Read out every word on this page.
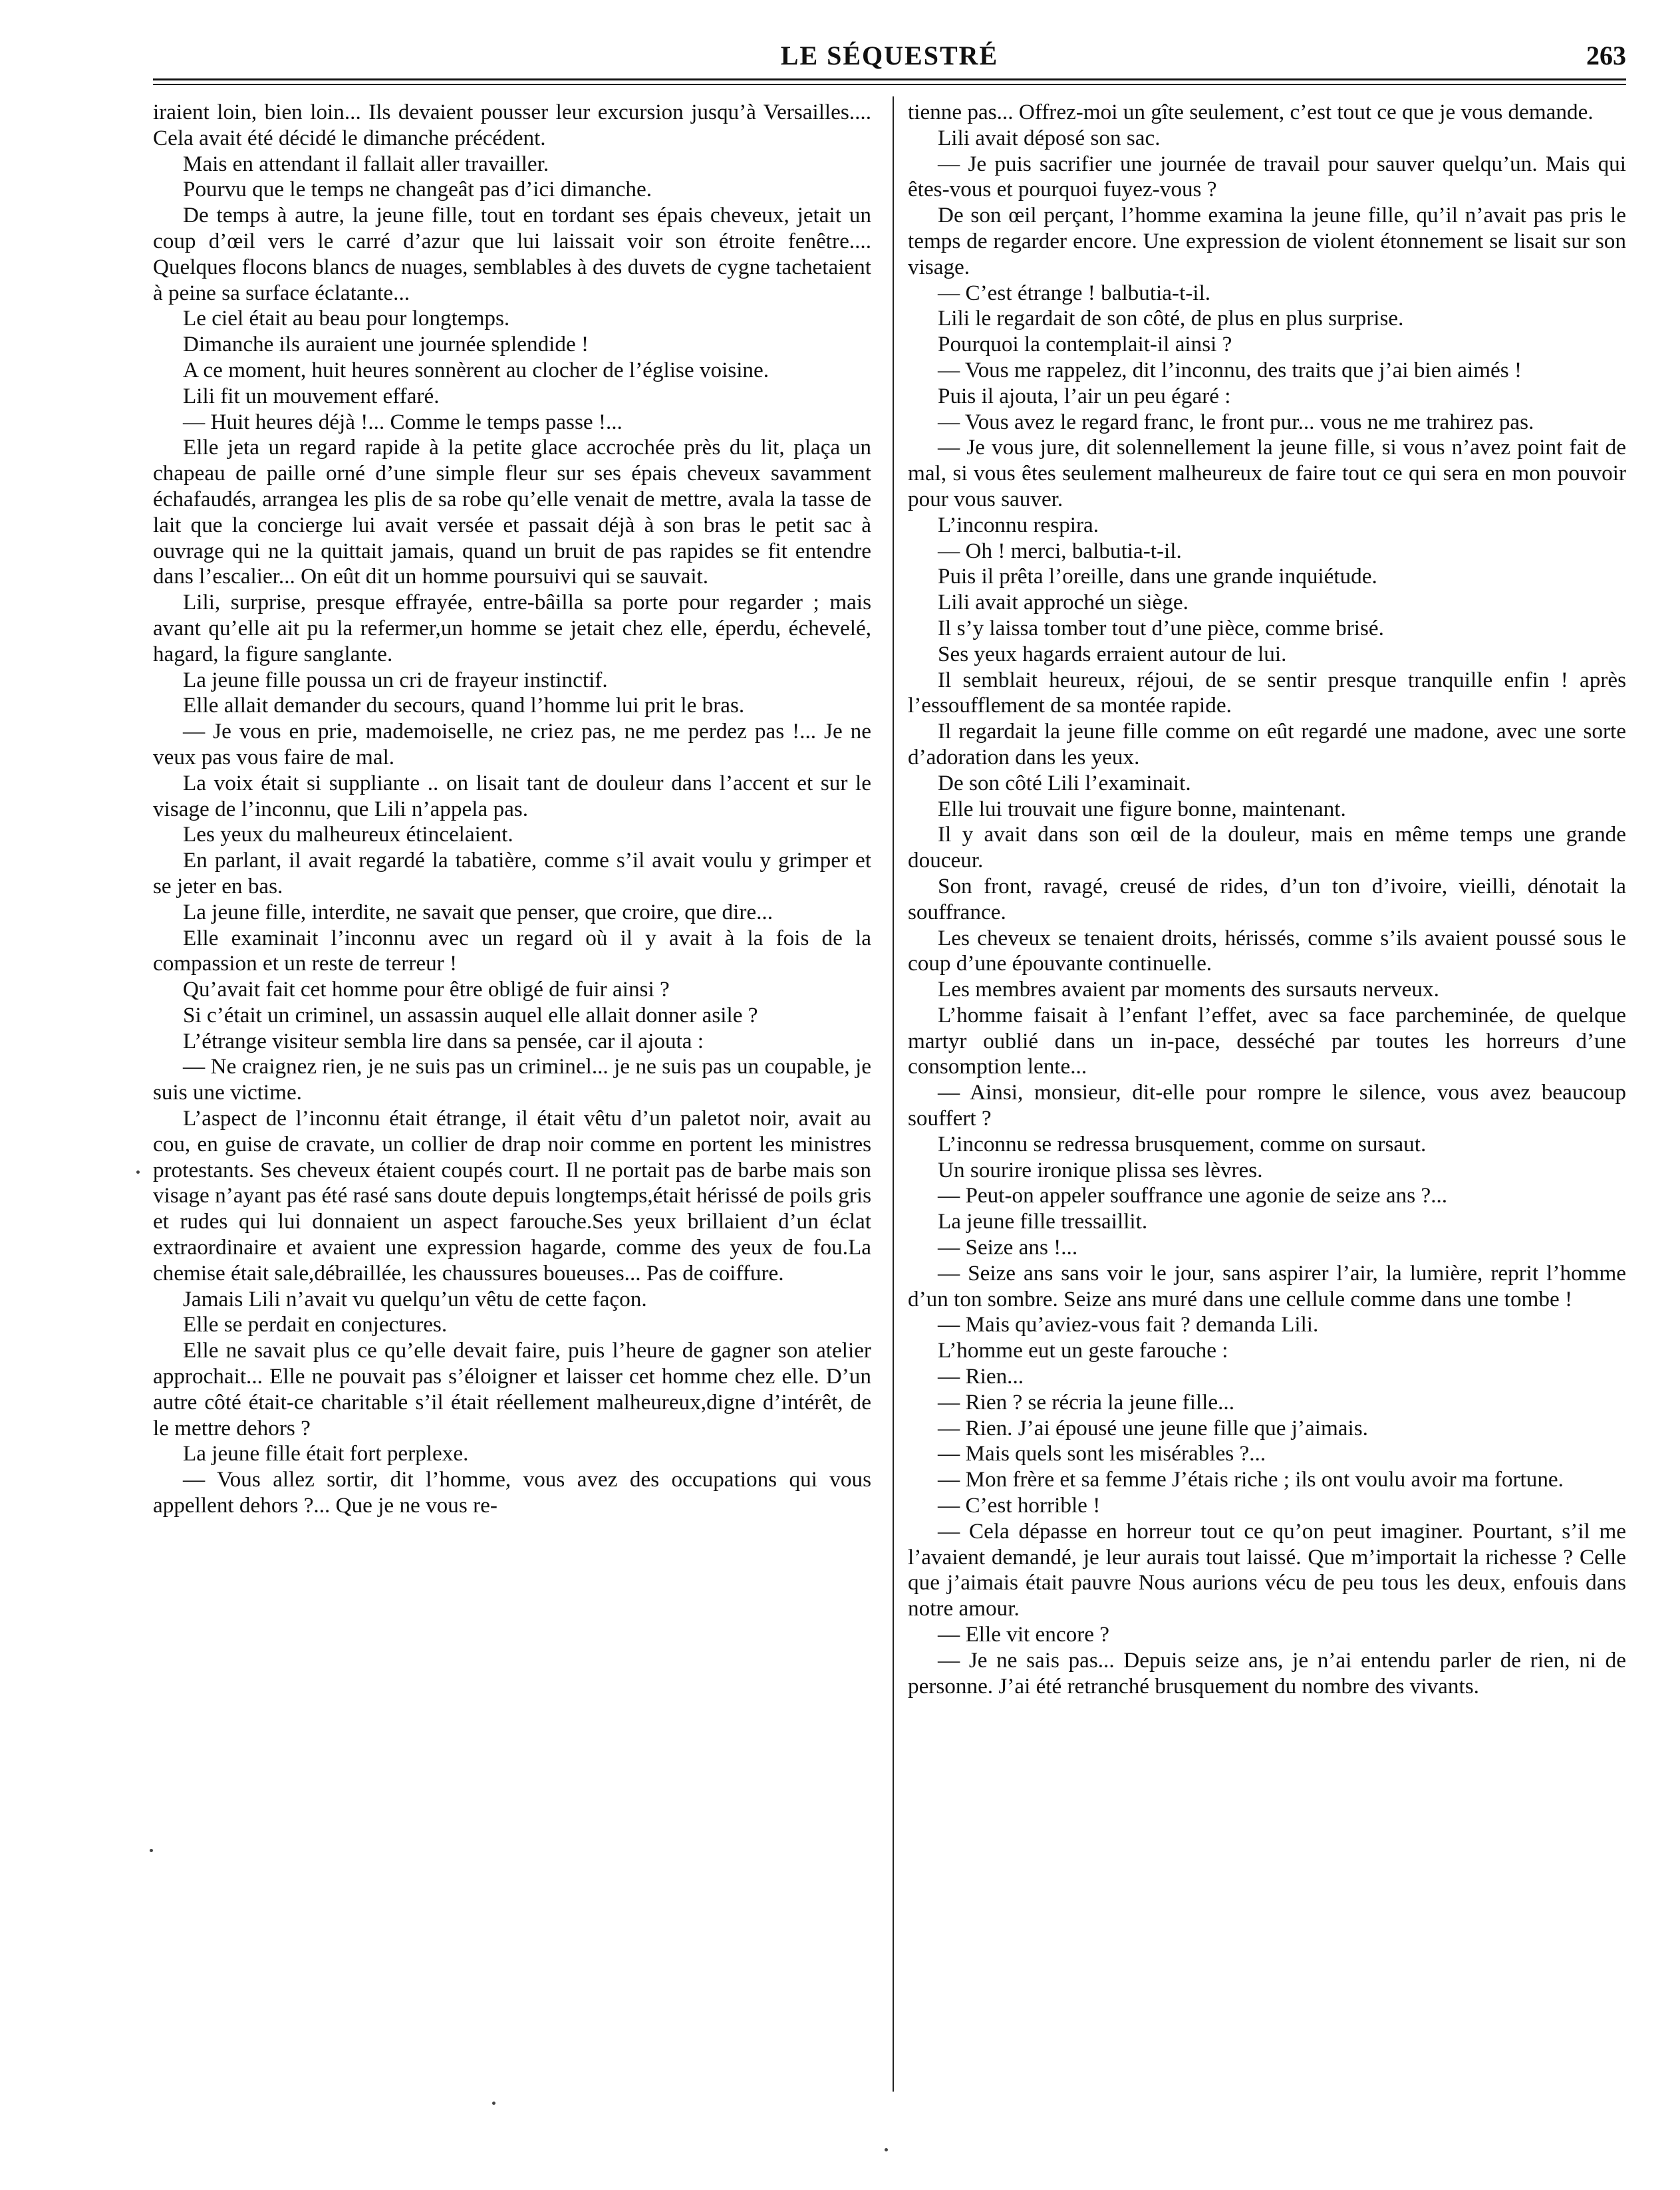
LE SÉQUESTRÉ	263

iraient loin, bien loin... Ils devaient pousser leur excursion jusqu’à Versailles.... Cela avait été décidé le dimanche précédent.

Mais en attendant il fallait aller travailler.

Pourvu que le temps ne changeât pas d’ici dimanche.

De temps à autre, la jeune fille, tout en tordant ses épais cheveux, jetait un coup d’œil vers le carré d’azur que lui laissait voir son étroite fenêtre.... Quelques flocons blancs de nuages, semblables à des duvets de cygne tachetaient à peine sa surface éclatante...

Le ciel était au beau pour longtemps.

Dimanche ils auraient une journée splendide !

A ce moment, huit heures sonnèrent au clocher de l’église voisine.

Lili fit un mouvement effaré.

— Huit heures déjà !... Comme le temps passe !...

Elle jeta un regard rapide à la petite glace accrochée près du lit, plaça un chapeau de paille orné d’une simple fleur sur ses épais cheveux savamment échafaudés, arrangea les plis de sa robe qu’elle venait de mettre, avala la tasse de lait que la concierge lui avait versée et passait déjà à son bras le petit sac à ouvrage qui ne la quittait jamais, quand un bruit de pas rapides se fit entendre dans l’escalier... On eût dit un homme poursuivi qui se sauvait.

Lili, surprise, presque effrayée, entre-bâilla sa porte pour regarder ; mais avant qu’elle ait pu la refermer,un homme se jetait chez elle, éperdu, échevelé, hagard, la figure sanglante.

La jeune fille poussa un cri de frayeur instinctif.

Elle allait demander du secours, quand l’homme lui prit le bras.

— Je vous en prie, mademoiselle, ne criez pas, ne me perdez pas !... Je ne veux pas vous faire de mal.

La voix était si suppliante .. on lisait tant de douleur dans l’accent et sur le visage de l’inconnu, que Lili n’appela pas.

Les yeux du malheureux étincelaient.

En parlant, il avait regardé la tabatière, comme s’il avait voulu y grimper et se jeter en bas.

La jeune fille, interdite, ne savait que penser, que croire, que dire...

Elle examinait l’inconnu avec un regard où il y avait à la fois de la compassion et un reste de terreur !

Qu’avait fait cet homme pour être obligé de fuir ainsi ?

Si c’était un criminel, un assassin auquel elle allait donner asile ?

L’étrange visiteur sembla lire dans sa pensée, car il ajouta :

— Ne craignez rien, je ne suis pas un criminel... je ne suis pas un coupable, je suis une victime.

L’aspect de l’inconnu était étrange, il était vêtu d’un paletot noir, avait au cou, en guise de cravate, un collier de drap noir comme en portent les ministres protestants. Ses cheveux étaient coupés court. Il ne portait pas de barbe mais son visage n’ayant pas été rasé sans doute depuis longtemps,était hérissé de poils gris et rudes qui lui donnaient un aspect farouche.Ses yeux brillaient d’un éclat extraordinaire et avaient une expression hagarde, comme des yeux de fou.La chemise était sale,débraillée, les chaussures boueuses... Pas de coiffure.

Jamais Lili n’avait vu quelqu’un vêtu de cette façon.

Elle se perdait en conjectures.

Elle ne savait plus ce qu’elle devait faire, puis l’heure de gagner son atelier approchait... Elle ne pouvait pas s’éloigner et laisser cet homme chez elle. D’un autre côté était-ce charitable s’il était réellement malheureux,digne d’intérêt, de le mettre dehors ?

La jeune fille était fort perplexe.

— Vous allez sortir, dit l’homme, vous avez des occupations qui vous appellent dehors ?... Que je ne vous re-

tienne pas... Offrez-moi un gîte seulement, c’est tout ce que je vous demande.

Lili avait déposé son sac.

— Je puis sacrifier une journée de travail pour sauver quelqu’un. Mais qui êtes-vous et pourquoi fuyez-vous ?

De son œil perçant, l’homme examina la jeune fille, qu’il n’avait pas pris le temps de regarder encore. Une expression de violent étonnement se lisait sur son visage.

— C’est étrange ! balbutia-t-il.

Lili le regardait de son côté, de plus en plus surprise.

Pourquoi la contemplait-il ainsi ?

— Vous me rappelez, dit l’inconnu, des traits que j’ai bien aimés !

Puis il ajouta, l’air un peu égaré :

— Vous avez le regard franc, le front pur... vous ne me trahirez pas.

— Je vous jure, dit solennellement la jeune fille, si vous n’avez point fait de mal, si vous êtes seulement malheureux de faire tout ce qui sera en mon pouvoir pour vous sauver.

L’inconnu respira.

— Oh ! merci, balbutia-t-il.

Puis il prêta l’oreille, dans une grande inquiétude.

Lili avait approché un siège.

Il s’y laissa tomber tout d’une pièce, comme brisé.

Ses yeux hagards erraient autour de lui.

Il semblait heureux, réjoui, de se sentir presque tranquille enfin ! après l’essoufflement de sa montée rapide.

Il regardait la jeune fille comme on eût regardé une madone, avec une sorte d’adoration dans les yeux.

De son côté Lili l’examinait.

Elle lui trouvait une figure bonne, maintenant.

Il y avait dans son œil de la douleur, mais en même temps une grande douceur.

Son front, ravagé, creusé de rides, d’un ton d’ivoire, vieilli, dénotait la souffrance.

Les cheveux se tenaient droits, hérissés, comme s’ils avaient poussé sous le coup d’une épouvante continuelle.

Les membres avaient par moments des sursauts nerveux.

L’homme faisait à l’enfant l’effet, avec sa face parcheminée, de quelque martyr oublié dans un in-pace, desséché par toutes les horreurs d’une consomption lente...

— Ainsi, monsieur, dit-elle pour rompre le silence, vous avez beaucoup souffert ?

L’inconnu se redressa brusquement, comme on sursaut.

Un sourire ironique plissa ses lèvres.

— Peut-on appeler souffrance une agonie de seize ans ?...

La jeune fille tressaillit.

— Seize ans !...

— Seize ans sans voir le jour, sans aspirer l’air, la lumière, reprit l’homme d’un ton sombre. Seize ans muré dans une cellule comme dans une tombe !

— Mais qu’aviez-vous fait ? demanda Lili.

L’homme eut un geste farouche :

— Rien...

— Rien ? se récria la jeune fille...

— Rien. J’ai épousé une jeune fille que j’aimais.

— Mais quels sont les misérables ?...

— Mon frère et sa femme J’étais riche ; ils ont voulu avoir ma fortune.

— C’est horrible !

— Cela dépasse en horreur tout ce qu’on peut imaginer. Pourtant, s’il me l’avaient demandé, je leur aurais tout laissé. Que m’importait la richesse ? Celle que j’aimais était pauvre Nous aurions vécu de peu tous les deux, enfouis dans notre amour.

— Elle vit encore ?

— Je ne sais pas... Depuis seize ans, je n’ai entendu parler de rien, ni de personne. J’ai été retranché brusquement du nombre des vivants.
